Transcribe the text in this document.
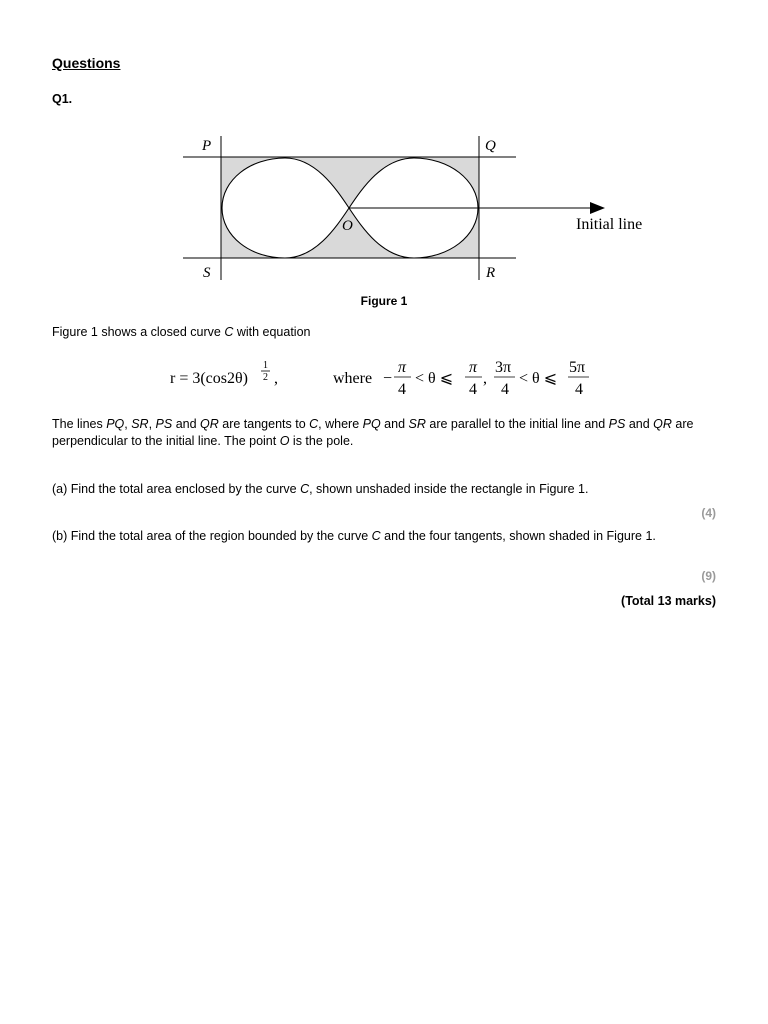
Questions
Q1.
P	Q
S	R
O	Initial line
Figure 1
Figure 1 shows a closed curve C with equation
r = 3(cos2θ)
1
2 ,	where −
π
4
< θ ⩽
π
4
,
3π
4
< θ ⩽
5π
4
The lines PQ, SR, PS and QR are tangents to C, where PQ and SR are parallel to the initial line and PS and QR are perpendicular to the initial line. The point O is the pole.
(a) Find the total area enclosed by the curve C, shown unshaded inside the rectangle in Figure 1.
(4)
(b) Find the total area of the region bounded by the curve C and the four tangents, shown shaded in Figure 1.
(9)
(Total 13 marks)
